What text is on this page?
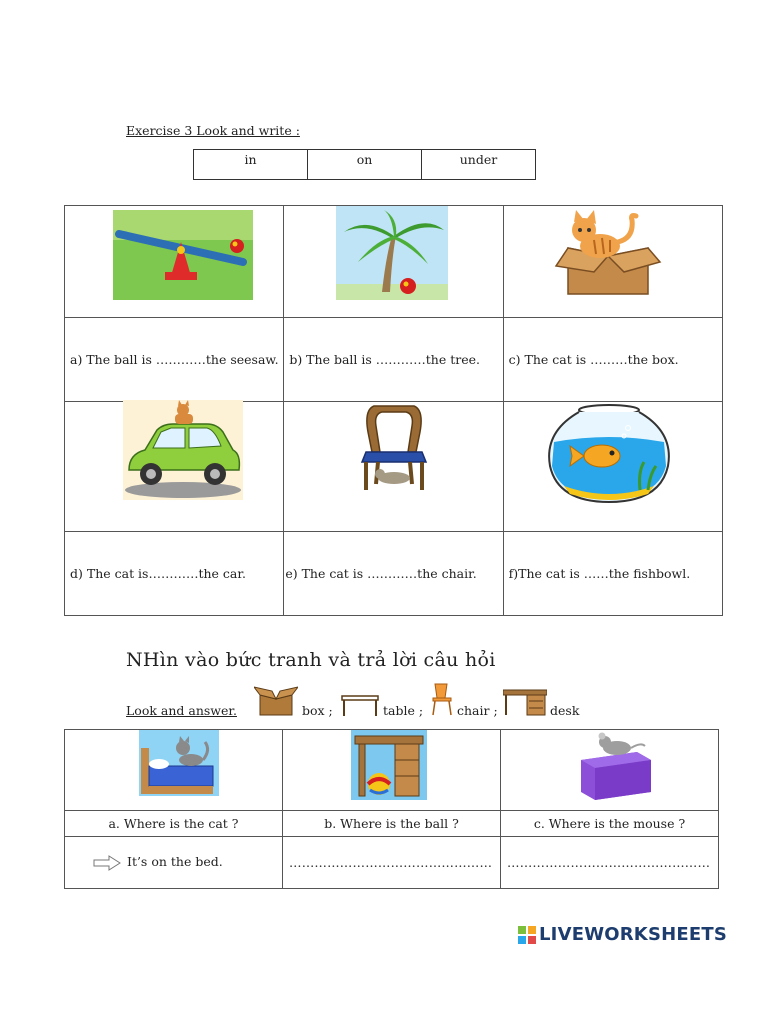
Exercise 3 Look and write :
in	on	under

a) The ball is …………the seesaw.	b) The ball is …………the tree.	c) The cat is ………the box.

d) The cat is…………the car.	e) The cat is …………the chair.	f)The cat is ……the fishbowl.
NHìn vào bức tranh và trả lời câu hỏi
Look and answer.	box ;	table ;	chair ;	desk

a. Where is the cat ?	b. Where is the ball ?	c. Where is the mouse ?

It’s on the bed.	…………………………………………	…………………………………………
LIVEWORKSHEETS
